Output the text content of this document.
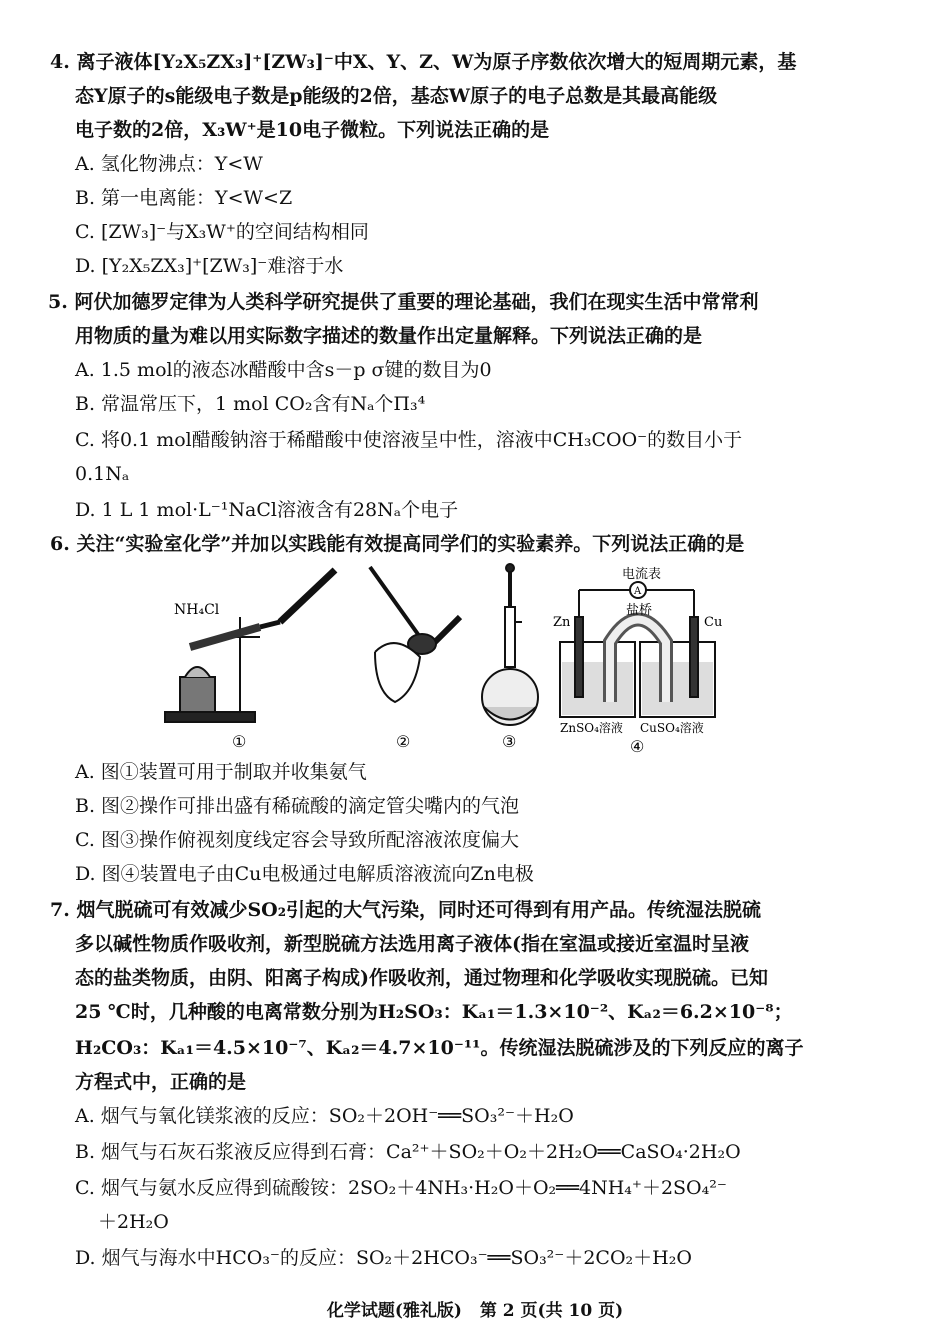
4. 离子液体[Y₂X₅ZX₃]⁺[ZW₃]⁻中X、Y、Z、W为原子序数依次增大的短周期元素，基
态Y原子的s能级电子数是p能级的2倍，基态W原子的电子总数是其最高能级
电子数的2倍，X₃W⁺是10电子微粒。下列说法正确的是
A. 氢化物沸点：Y<W
B. 第一电离能：Y<W<Z
C. [ZW₃]⁻与X₃W⁺的空间结构相同
D. [Y₂X₅ZX₃]⁺[ZW₃]⁻难溶于水
5. 阿伏加德罗定律为人类科学研究提供了重要的理论基础，我们在现实生活中常常利
用物质的量为难以用实际数字描述的数量作出定量解释。下列说法正确的是
A. 1.5 mol的液态冰醋酸中含s－p σ键的数目为0
B. 常温常压下，1 mol CO₂含有Nₐ个Π₃⁴
C. 将0.1 mol醋酸钠溶于稀醋酸中使溶液呈中性，溶液中CH₃COO⁻的数目小于
0.1Nₐ
D. 1 L 1 mol·L⁻¹NaCl溶液含有28Nₐ个电子
6. 关注“实验室化学”并加以实践能有效提高同学们的实验素养。下列说法正确的是
A. 图①装置可用于制取并收集氨气
B. 图②操作可排出盛有稀硫酸的滴定管尖嘴内的气泡
C. 图③操作俯视刻度线定容会导致所配溶液浓度偏大
D. 图④装置电子由Cu电极通过电解质溶液流向Zn电极
7. 烟气脱硫可有效减少SO₂引起的大气污染，同时还可得到有用产品。传统湿法脱硫
多以碱性物质作吸收剂，新型脱硫方法选用离子液体(指在室温或接近室温时呈液
态的盐类物质，由阴、阳离子构成)作吸收剂，通过物理和化学吸收实现脱硫。已知
25 ℃时，几种酸的电离常数分别为H₂SO₃：Kₐ₁＝1.3×10⁻²、Kₐ₂＝6.2×10⁻⁸；
H₂CO₃：Kₐ₁＝4.5×10⁻⁷、Kₐ₂＝4.7×10⁻¹¹。传统湿法脱硫涉及的下列反应的离子
方程式中，正确的是
A. 烟气与氧化镁浆液的反应：SO₂＋2OH⁻══SO₃²⁻＋H₂O
B. 烟气与石灰石浆液反应得到石膏：Ca²⁺＋SO₂＋O₂＋2H₂O══CaSO₄·2H₂O
C. 烟气与氨水反应得到硫酸铵：2SO₂＋4NH₃·H₂O＋O₂══4NH₄⁺＋2SO₄²⁻
＋2H₂O
D. 烟气与海水中HCO₃⁻的反应：SO₂＋2HCO₃⁻══SO₃²⁻＋2CO₂＋H₂O
NH₄Cl
①	②	③
A
电流表
盐桥
Zn	Cu
ZnSO₄溶液 CuSO₄溶液
④
化学试题(雅礼版) 第 2 页(共 10 页)
